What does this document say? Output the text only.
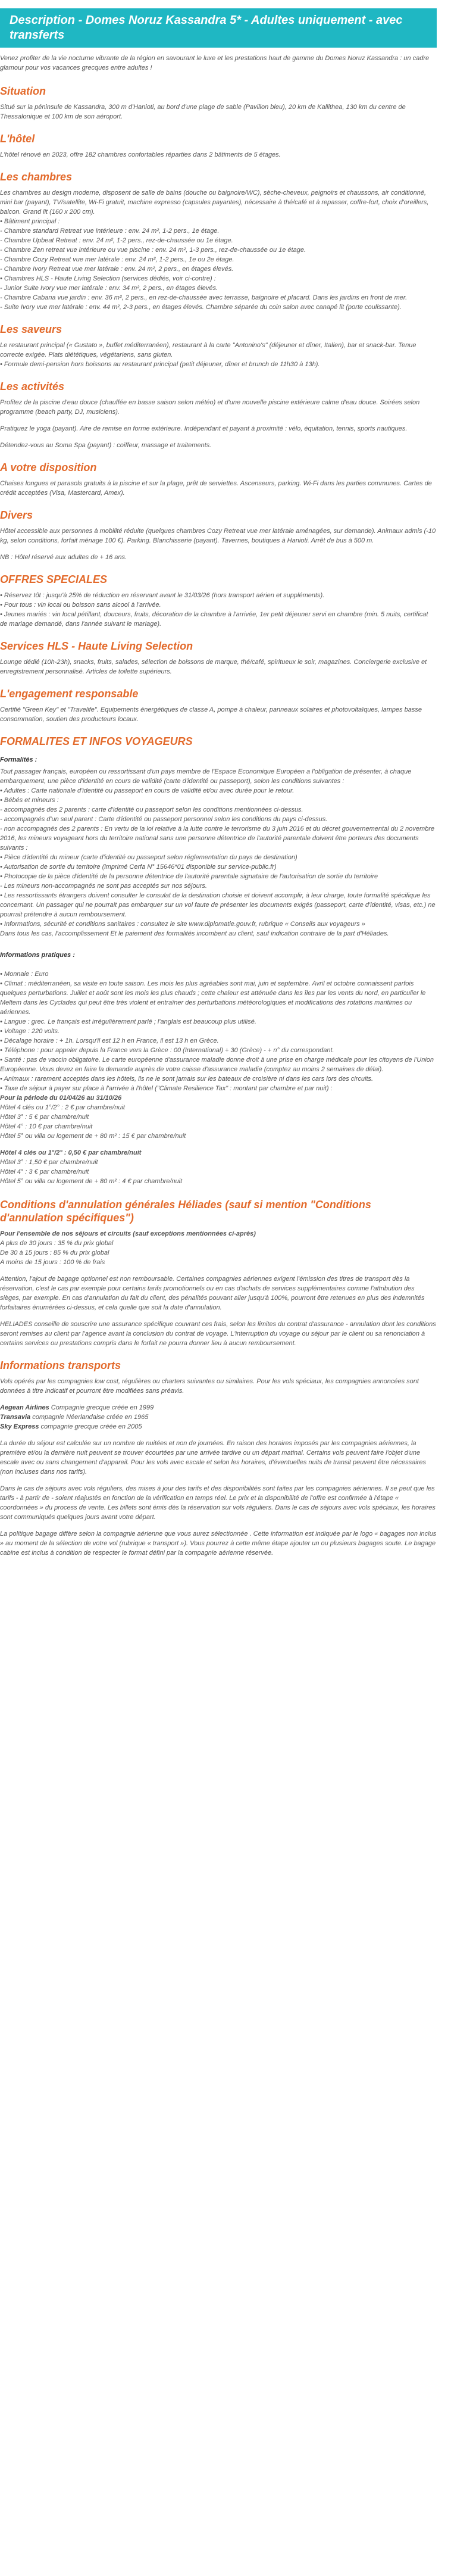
Description - Domes Noruz Kassandra 5* - Adultes uniquement - avec transferts

Venez profiter de la vie nocturne vibrante de la région en savourant le luxe et les prestations haut de gamme du Domes Noruz Kassandra : un cadre glamour pour vos vacances grecques entre adultes !

Situation

Situé sur la péninsule de Kassandra, 300 m d'Hanioti, au bord d'une plage de sable (Pavillon bleu), 20 km de Kallithea, 130 km du centre de Thessalonique et 100 km de son aéroport.

L'hôtel

L'hôtel rénové en 2023, offre 182 chambres confortables réparties dans 2 bâtiments de 5 étages.

Les chambres
Les chambres au design moderne, disposent de salle de bains (douche ou baignoire/WC), sèche-cheveux, peignoirs et chaussons, air conditionné, mini bar (payant), TV/satellite, Wi-Fi gratuit, machine expresso (capsules payantes), nécessaire à thé/café et à repasser, coffre-fort, choix d'oreillers, balcon. Grand lit (160 x 200 cm).
• Bâtiment principal :
- Chambre standard Retreat vue intérieure : env. 24 m², 1-2 pers., 1e étage.
- Chambre Upbeat Retreat : env. 24 m², 1-2 pers., rez-de-chaussée ou 1e étage.
- Chambre Zen retreat vue intérieure ou vue piscine : env. 24 m², 1-3 pers., rez-de-chaussée ou 1e étage.
- Chambre Cozy Retreat vue mer latérale : env. 24 m², 1-2 pers., 1e ou 2e étage.
- Chambre Ivory Retreat vue mer latérale : env. 24 m², 2 pers., en étages élevés.
• Chambres HLS - Haute Living Selection (services dédiés, voir ci-contre) :
- Junior Suite Ivory vue mer latérale : env. 34 m², 2 pers., en étages élevés.
- Chambre Cabana vue jardin : env. 36 m², 2 pers., en rez-de-chaussée avec terrasse, baignoire et placard. Dans les jardins en front de mer.
- Suite Ivory vue mer latérale : env. 44 m², 2-3 pers., en étages élevés. Chambre séparée du coin salon avec canapé lit (porte coulissante).
Les saveurs
Le restaurant principal (« Gustato », buffet méditerranéen), restaurant à la carte "Antonino's" (déjeuner et dîner, Italien), bar et snack-bar. Tenue correcte exigée. Plats diététiques, végétariens, sans gluten.
• Formule demi-pension hors boissons au restaurant principal (petit déjeuner, dîner et brunch de 11h30 à 13h).
Les activités

Profitez de la piscine d'eau douce (chauffée en basse saison selon météo) et d'une nouvelle piscine extérieure calme d'eau douce. Soirées selon programme (beach party, DJ, musiciens).

Pratiquez le yoga (payant). Aire de remise en forme extérieure. Indépendant et payant à proximité : vélo, équitation, tennis, sports nautiques.

Détendez-vous au Soma Spa (payant) : coiffeur, massage et traitements.

A votre disposition

Chaises longues et parasols gratuits à la piscine et sur la plage, prêt de serviettes. Ascenseurs, parking. Wi-Fi dans les parties communes. Cartes de crédit acceptées (Visa, Mastercard, Amex).

Divers

Hôtel accessible aux personnes à mobilité réduite (quelques chambres Cozy Retreat vue mer latérale aménagées, sur demande). Animaux admis (-10 kg, selon conditions, forfait ménage 100 €). Parking. Blanchisserie (payant). Tavernes, boutiques à Hanioti. Arrêt de bus à 500 m.

NB : Hôtel réservé aux adultes de + 16 ans.

OFFRES SPECIALES
• Réservez tôt : jusqu'à 25% de réduction en réservant avant le 31/03/26 (hors transport aérien et suppléments).
• Pour tous : vin local ou boisson sans alcool à l'arrivée.
• Jeunes mariés : vin local pétillant, douceurs, fruits, décoration de la chambre à l'arrivée, 1er petit déjeuner servi en chambre (min. 5 nuits, certificat de mariage demandé, dans l'année suivant le mariage).
Services HLS - Haute Living Selection

Lounge dédié (10h-23h), snacks, fruits, salades, sélection de boissons de marque, thé/café, spiritueux le soir, magazines. Conciergerie exclusive et enregistrement personnalisé. Articles de toilette supérieurs.

L'engagement responsable

Certifié "Green Key" et "Travelife". Equipements énergétiques de classe A, pompe à chaleur, panneaux solaires et photovoltaïques, lampes basse consommation, soutien des producteurs locaux.

FORMALITES ET INFOS VOYAGEURS
Formalités :
Tout passager français, européen ou ressortissant d'un pays membre de l'Espace Economique Européen a l'obligation de présenter, à chaque embarquement, une pièce d'identité en cours de validité (carte d'identité ou passeport), selon les conditions suivantes :
• Adultes : Carte nationale d'identité ou passeport en cours de validité et/ou avec durée pour le retour.
• Bébés et mineurs :
- accompagnés des 2 parents : carte d'identité ou passeport selon les conditions mentionnées ci-dessus.
- accompagnés d'un seul parent : Carte d'identité ou passeport personnel selon les conditions du pays ci-dessus.
- non accompagnés des 2 parents : En vertu de la loi relative à la lutte contre le terrorisme du 3 juin 2016 et du décret gouvernemental du 2 novembre 2016, les mineurs voyageant hors du territoire national sans une personne détentrice de l'autorité parentale doivent être porteurs des documents suivants :
• Pièce d'identité du mineur (carte d'identité ou passeport selon réglementation du pays de destination)
• Autorisation de sortie du territoire (imprimé Cerfa N° 15646*01 disponible sur service-public.fr)
• Photocopie de la pièce d'identité de la personne détentrice de l'autorité parentale signataire de l'autorisation de sortie du territoire
- Les mineurs non-accompagnés ne sont pas acceptés sur nos séjours.
• Les ressortissants étrangers doivent consulter le consulat de la destination choisie et doivent accomplir, à leur charge, toute formalité spécifique les concernant. Un passager qui ne pourrait pas embarquer sur un vol faute de présenter les documents exigés (passeport, carte d'identité, visas, etc.) ne pourrait prétendre à aucun remboursement.
• Informations, sécurité et conditions sanitaires : consultez le site www.diplomatie.gouv.fr, rubrique « Conseils aux voyageurs »
Dans tous les cas, l'accomplissement Et le paiement des formalités incombent au client, sauf indication contraire de la part d'Héliades.
Informations pratiques :
• Monnaie : Euro
• Climat : méditerranéen, sa visite en toute saison. Les mois les plus agréables sont mai, juin et septembre. Avril et octobre connaissent parfois quelques perturbations. Juillet et août sont les mois les plus chauds ; cette chaleur est atténuée dans les îles par les vents du nord, en particulier le Meltem dans les Cyclades qui peut être très violent et entraîner des perturbations météorologiques et modifications des rotations maritimes ou aériennes.
• Langue : grec. Le français est irrégulièrement parlé ; l'anglais est beaucoup plus utilisé.
• Voltage : 220 volts.
• Décalage horaire : + 1h. Lorsqu'il est 12 h en France, il est 13 h en Grèce.
• Téléphone : pour appeler depuis la France vers la Grèce : 00 (International) + 30 (Grèce) - + n° du correspondant.
• Santé : pas de vaccin obligatoire. Le carte européenne d'assurance maladie donne droit à une prise en charge médicale pour les citoyens de l'Union Européenne. Vous devez en faire la demande auprès de votre caisse d'assurance maladie (comptez au moins 2 semaines de délai).
• Animaux : rarement acceptés dans les hôtels, ils ne le sont jamais sur les bateaux de croisière ni dans les cars lors des circuits.
• Taxe de séjour à payer sur place à l'arrivée à l'hôtel ("Climate Resilience Tax" : montant par chambre et par nuit) :
Pour la période du 01/04/26 au 31/10/26
Hôtel 4 clés ou 1°/2° : 2 € par chambre/nuit
Hôtel 3° : 5 € par chambre/nuit
Hôtel 4° : 10 € par chambre/nuit
Hôtel 5° ou villa ou logement de + 80 m² : 15 € par chambre/nuit
Hôtel 4 clés ou 1°/2° : 0,50 € par chambre/nuit
Hôtel 3° : 1,50 € par chambre/nuit
Hôtel 4° : 3 € par chambre/nuit
Hôtel 5° ou villa ou logement de + 80 m² : 4 € par chambre/nuit
Conditions d'annulation générales Héliades (sauf si mention "Conditions d'annulation spécifiques")
Pour l'ensemble de nos séjours et circuits (sauf exceptions mentionnées ci-après)
A plus de 30 jours : 35 % du prix global
De 30 à 15 jours : 85 % du prix global
A moins de 15 jours : 100 % de frais

Attention, l'ajout de bagage optionnel est non remboursable. Certaines compagnies aériennes exigent l'émission des titres de transport dès la réservation, c'est le cas par exemple pour certains tarifs promotionnels ou en cas d'achats de services supplémentaires comme l'attribution des sièges, par exemple. En cas d'annulation du fait du client, des pénalités pouvant aller jusqu'à 100%, pourront être retenues en plus des indemnités forfaitaires énumérées ci-dessus, et cela quelle que soit la date d'annulation.

HELIADES conseille de souscrire une assurance spécifique couvrant ces frais, selon les limites du contrat d'assurance - annulation dont les conditions seront remises au client par l'agence avant la conclusion du contrat de voyage. L'interruption du voyage ou séjour par le client ou sa renonciation à certains services ou prestations compris dans le forfait ne pourra donner lieu à aucun remboursement.

Informations transports

Vols opérés par les compagnies low cost, régulières ou charters suivantes ou similaires. Pour les vols spéciaux, les compagnies annoncées sont données à titre indicatif et pourront être modifiées sans préavis.

Aegean Airlines Compagnie grecque créée en 1999
Transavia compagnie Néerlandaise créée en 1965
Sky Express compagnie grecque créée en 2005

La durée du séjour est calculée sur un nombre de nuitées et non de journées. En raison des horaires imposés par les compagnies aériennes, la première et/ou la dernière nuit peuvent se trouver écourtées par une arrivée tardive ou un départ matinal. Certains vols peuvent faire l'objet d'une escale avec ou sans changement d'appareil. Pour les vols avec escale et selon les horaires, d'éventuelles nuits de transit peuvent être nécessaires (non incluses dans nos tarifs).

Dans le cas de séjours avec vols réguliers, des mises à jour des tarifs et des disponibilités sont faites par les compagnies aériennes. Il se peut que les tarifs - à partir de - soient réajustés en fonction de la vérification en temps réel. Le prix et la disponibilité de l'offre est confirmée à l'étape « coordonnées » du process de vente. Les billets sont émis dès la réservation sur vols réguliers. Dans le cas de séjours avec vols spéciaux, les horaires sont communiqués quelques jours avant votre départ.

La politique bagage diffère selon la compagnie aérienne que vous aurez sélectionnée . Cette information est indiquée par le logo « bagages non inclus » au moment de la sélection de votre vol (rubrique « transport »). Vous pourrez à cette même étape ajouter un ou plusieurs bagages soute. Le bagage cabine est inclus à condition de respecter le format défini par la compagnie aérienne réservée.
